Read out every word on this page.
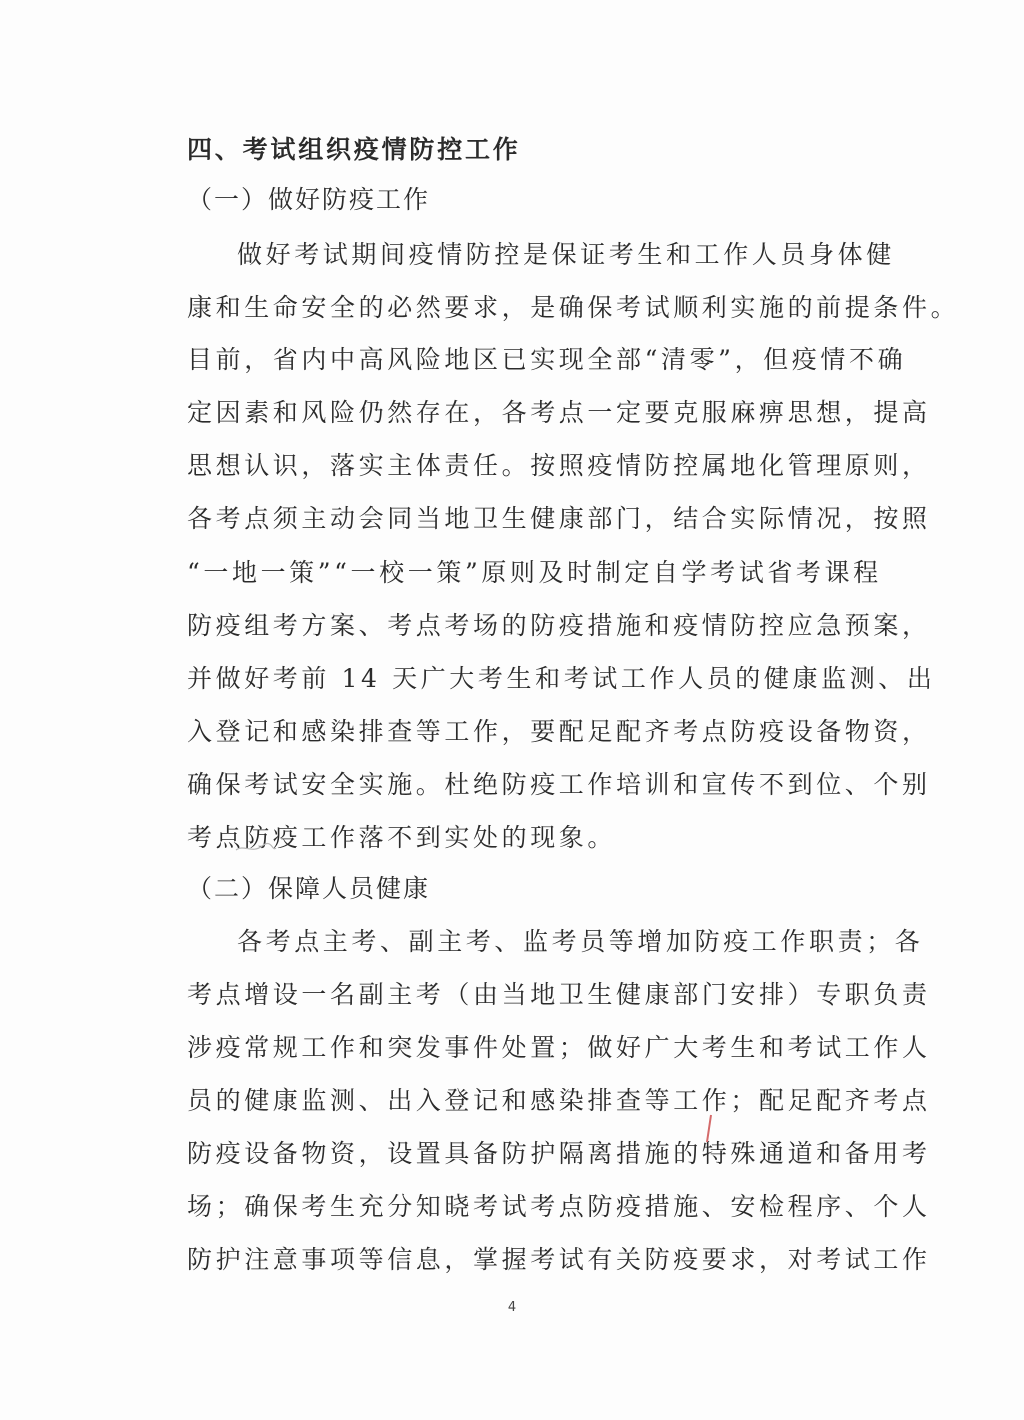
四、考试组织疫情防控工作
（一）做好防疫工作
做好考试期间疫情防控是保证考生和工作人员身体健
康和生命安全的必然要求，是确保考试顺利实施的前提条件。
目前，省内中高风险地区已实现全部“清零”，但疫情不确
定因素和风险仍然存在，各考点一定要克服麻痹思想，提高
思想认识，落实主体责任。按照疫情防控属地化管理原则，
各考点须主动会同当地卫生健康部门，结合实际情况，按照
“一地一策”“一校一策”原则及时制定自学考试省考课程
防疫组考方案、考点考场的防疫措施和疫情防控应急预案，
并做好考前 14 天广大考生和考试工作人员的健康监测、出
入登记和感染排查等工作，要配足配齐考点防疫设备物资，
确保考试安全实施。杜绝防疫工作培训和宣传不到位、个别
考点防疫工作落不到实处的现象。
（二）保障人员健康
各考点主考、副主考、监考员等增加防疫工作职责；各
考点增设一名副主考（由当地卫生健康部门安排）专职负责
涉疫常规工作和突发事件处置；做好广大考生和考试工作人
员的健康监测、出入登记和感染排查等工作；配足配齐考点
防疫设备物资，设置具备防护隔离措施的特殊通道和备用考
场；确保考生充分知晓考试考点防疫措施、安检程序、个人
防护注意事项等信息，掌握考试有关防疫要求，对考试工作
4
